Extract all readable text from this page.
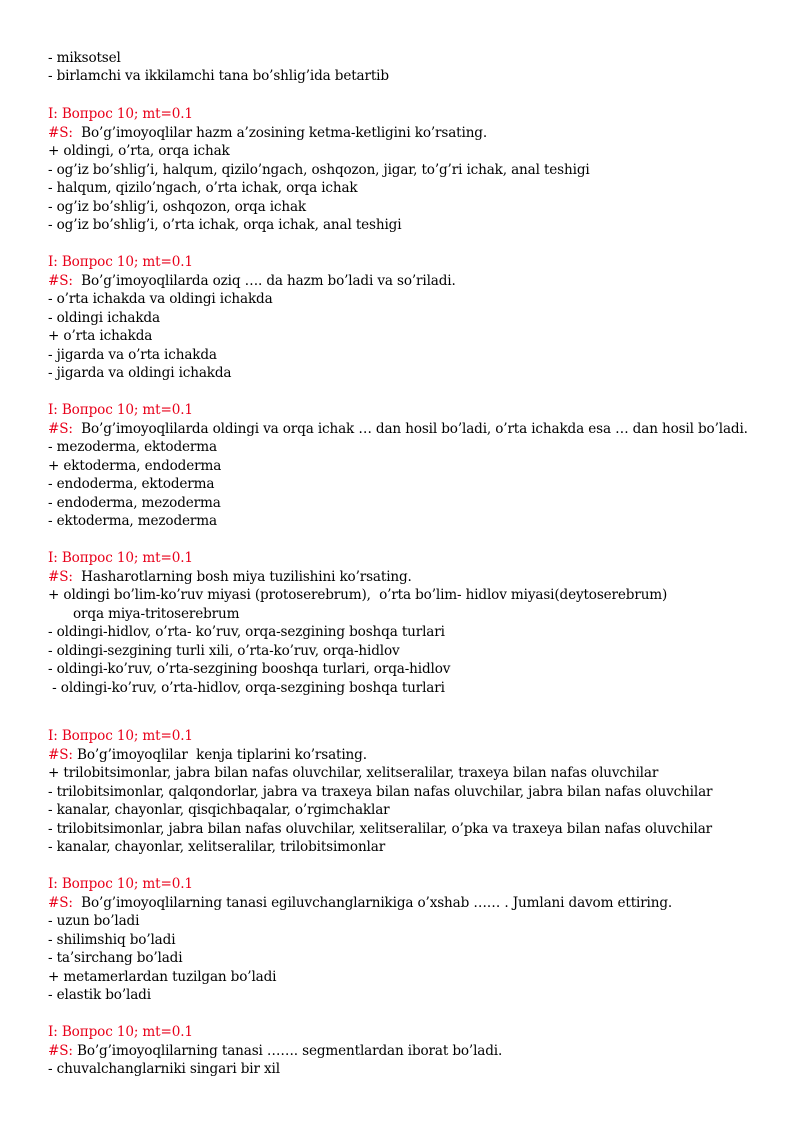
- miksotsel
- birlamchi va ikkilamchi tana bo’shlig’ida betartib
I: Вопрос 10; mt=0.1
#S:  Bo’g’imoyoqlilar hazm a’zosining ketma-ketligini ko’rsating.
+ oldingi, o’rta, orqa ichak
- og’iz bo’shlig’i, halqum, qizilo’ngach, oshqozon, jigar, to’g’ri ichak, anal teshigi
- halqum, qizilo’ngach, o’rta ichak, orqa ichak
- og’iz bo’shlig’i, oshqozon, orqa ichak
- og’iz bo’shlig’i, o’rta ichak, orqa ichak, anal teshigi
I: Вопрос 10; mt=0.1
#S:  Bo’g’imoyoqlilarda oziq …. da hazm bo’ladi va so’riladi.
- o’rta ichakda va oldingi ichakda
- oldingi ichakda
+ o’rta ichakda
- jigarda va o’rta ichakda
- jigarda va oldingi ichakda
I: Вопрос 10; mt=0.1
#S:  Bo’g’imoyoqlilarda oldingi va orqa ichak … dan hosil bo’ladi, o’rta ichakda esa … dan hosil bo’ladi.
- mezoderma, ektoderma
+ ektoderma, endoderma
- endoderma, ektoderma
- endoderma, mezoderma
- ektoderma, mezoderma
I: Вопрос 10; mt=0.1
#S:  Hasharotlarning bosh miya tuzilishini ko’rsating.
+ oldingi bo’lim-ko’ruv miyasi (protoserebrum),  o’rta bo’lim- hidlov miyasi(deytoserebrum)
orqa miya-tritoserebrum
- oldingi-hidlov, o’rta- ko’ruv, orqa-sezgining boshqa turlari
- oldingi-sezgining turli xili, o’rta-ko’ruv, orqa-hidlov
- oldingi-ko’ruv, o’rta-sezgining booshqa turlari, orqa-hidlov
- oldingi-ko’ruv, o’rta-hidlov, orqa-sezgining boshqa turlari
I: Вопрос 10; mt=0.1
#S: Bo’g’imoyoqlilar  kenja tiplarini ko’rsating.
+ trilobitsimonlar, jabra bilan nafas oluvchilar, xelitseralilar, traxeya bilan nafas oluvchilar
- trilobitsimonlar, qalqondorlar, jabra va traxeya bilan nafas oluvchilar, jabra bilan nafas oluvchilar
- kanalar, chayonlar, qisqichbaqalar, o’rgimchaklar
- trilobitsimonlar, jabra bilan nafas oluvchilar, xelitseralilar, o’pka va traxeya bilan nafas oluvchilar
- kanalar, chayonlar, xelitseralilar, trilobitsimonlar
I: Вопрос 10; mt=0.1
#S:  Bo’g’imoyoqlilarning tanasi egiluvchanglarnikiga o’xshab …… . Jumlani davom ettiring.
- uzun bo’ladi
- shilimshiq bo’ladi
- ta’sirchang bo’ladi
+ metamerlardan tuzilgan bo’ladi
- elastik bo’ladi
I: Вопрос 10; mt=0.1
#S: Bo’g’imoyoqlilarning tanasi ……. segmentlardan iborat bo’ladi.
- chuvalchanglarniki singari bir xil
